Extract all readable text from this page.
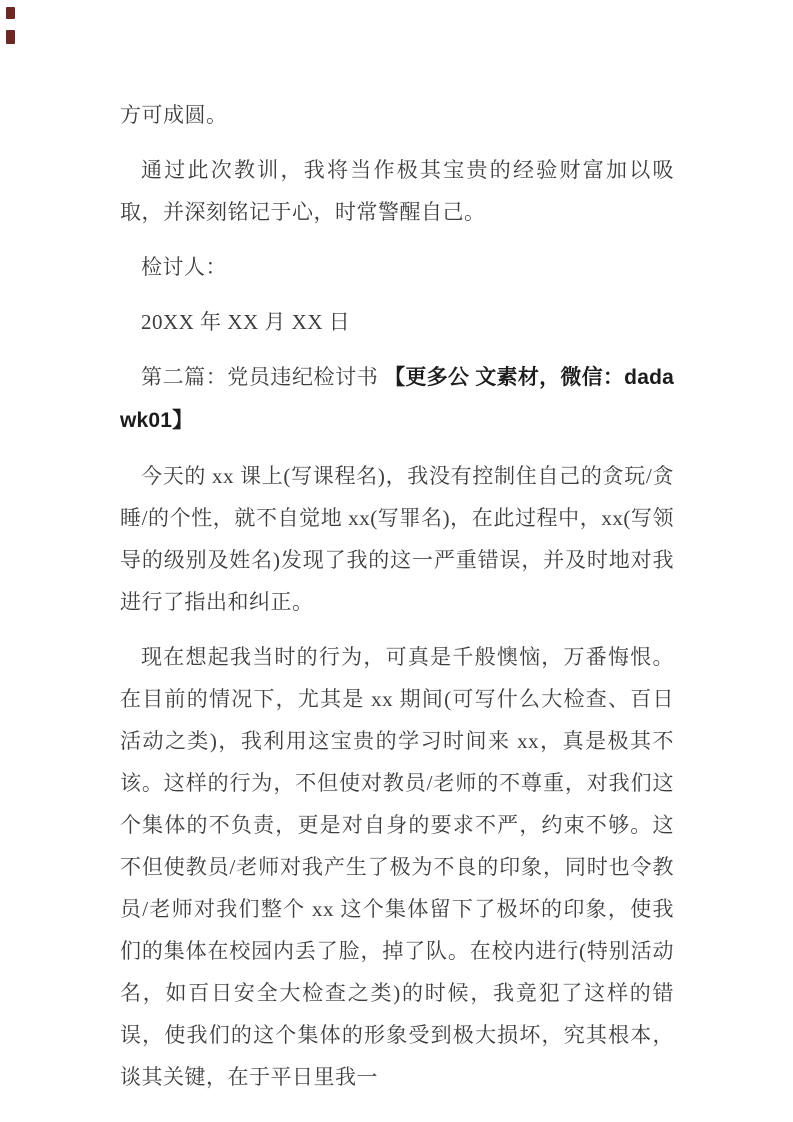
方可成圆。

通过此次教训，我将当作极其宝贵的经验财富加以吸取，并深刻铭记于心，时常警醒自己。

检讨人：

20XX 年 XX 月 XX 日

第二篇：党员违纪检讨书 【更多公 文素材，微信：dadawk01】

今天的 xx 课上(写课程名)，我没有控制住自己的贪玩/贪睡/的个性，就不自觉地 xx(写罪名)，在此过程中，xx(写领导的级别及姓名)发现了我的这一严重错误，并及时地对我进行了指出和纠正。

现在想起我当时的行为，可真是千般懊恼，万番悔恨。在目前的情况下，尤其是 xx 期间(可写什么大检查、百日活动之类)，我利用这宝贵的学习时间来 xx，真是极其不该。这样的行为，不但使对教员/老师的不尊重，对我们这个集体的不负责，更是对自身的要求不严，约束不够。这不但使教员/老师对我产生了极为不良的印象，同时也令教员/老师对我们整个 xx 这个集体留下了极坏的印象，使我们的集体在校园内丢了脸，掉了队。在校内进行(特别活动名，如百日安全大检查之类)的时候，我竟犯了这样的错误，使我们的这个集体的形象受到极大损坏，究其根本，谈其关键，在于平日里我一
